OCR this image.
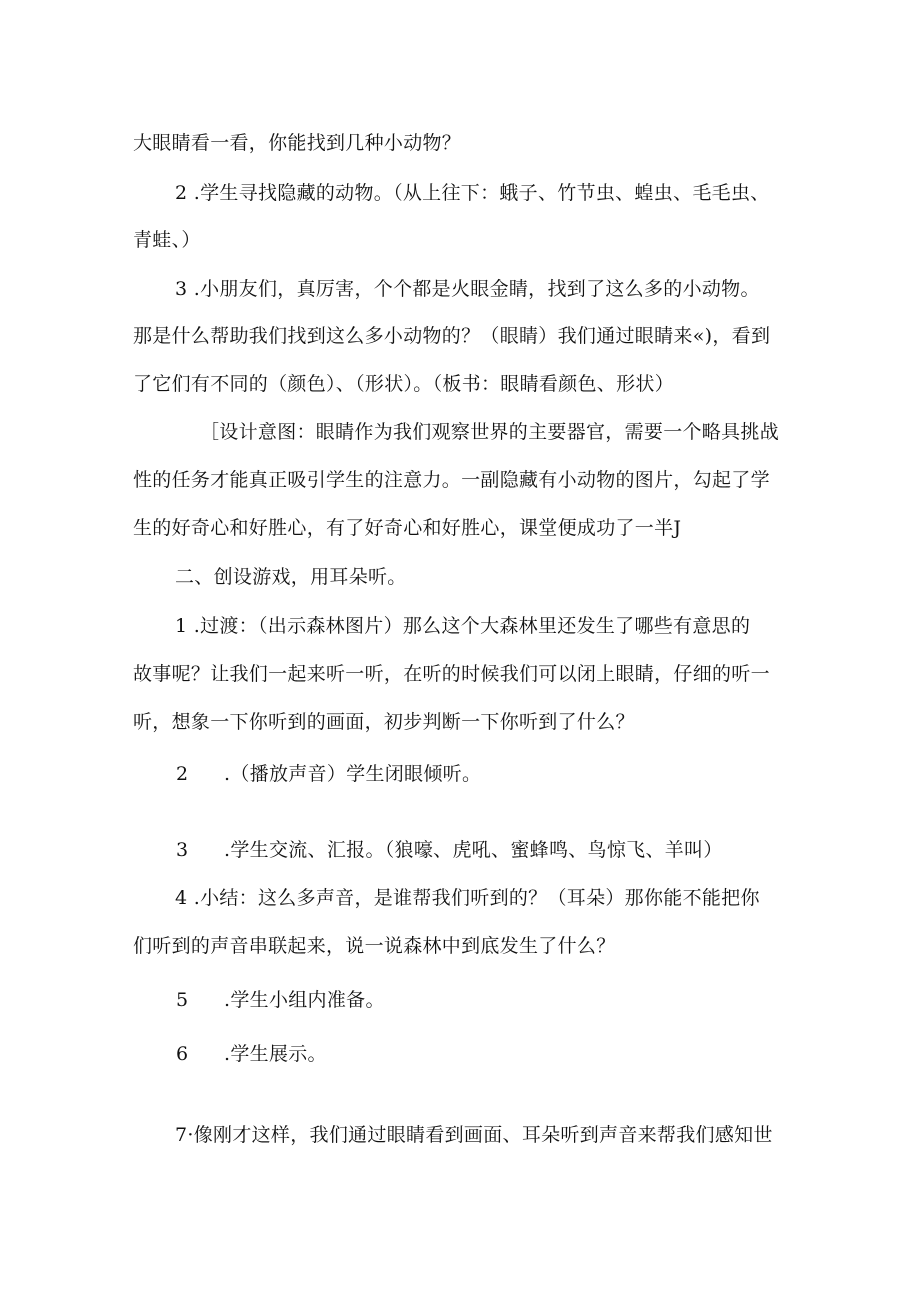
大眼睛看一看，你能找到几种小动物？
2 .学生寻找隐藏的动物。（从上往下：蛾子、竹节虫、蝗虫、毛毛虫、
青蛙、）
3 .小朋友们，真厉害，个个都是火眼金睛，找到了这么多的小动物。
那是什么帮助我们找到这么多小动物的？（眼睛）我们通过眼睛来«)，看到
了它们有不同的（颜色）、（形状）。（板书：眼睛看颜色、形状）
［设计意图：眼睛作为我们观察世界的主要器官，需要一个略具挑战
性的任务才能真正吸引学生的注意力。一副隐藏有小动物的图片，勾起了学
生的好奇心和好胜心，有了好奇心和好胜心，课堂便成功了一半J
二、创设游戏，用耳朵听。
1 .过渡：（出示森林图片）那么这个大森林里还发生了哪些有意思的
故事呢？让我们一起来听一听，在听的时候我们可以闭上眼睛，仔细的听一
听，想象一下你听到的画面，初步判断一下你听到了什么？
2 .（播放声音）学生闭眼倾听。
3 .学生交流、汇报。（狼嚎、虎吼、蜜蜂鸣、鸟惊飞、羊叫）
4 .小结：这么多声音，是谁帮我们听到的？（耳朵）那你能不能把你
们听到的声音串联起来，说一说森林中到底发生了什么？
5 .学生小组内准备。
6 .学生展示。
7·像刚才这样，我们通过眼睛看到画面、耳朵听到声音来帮我们感知世
